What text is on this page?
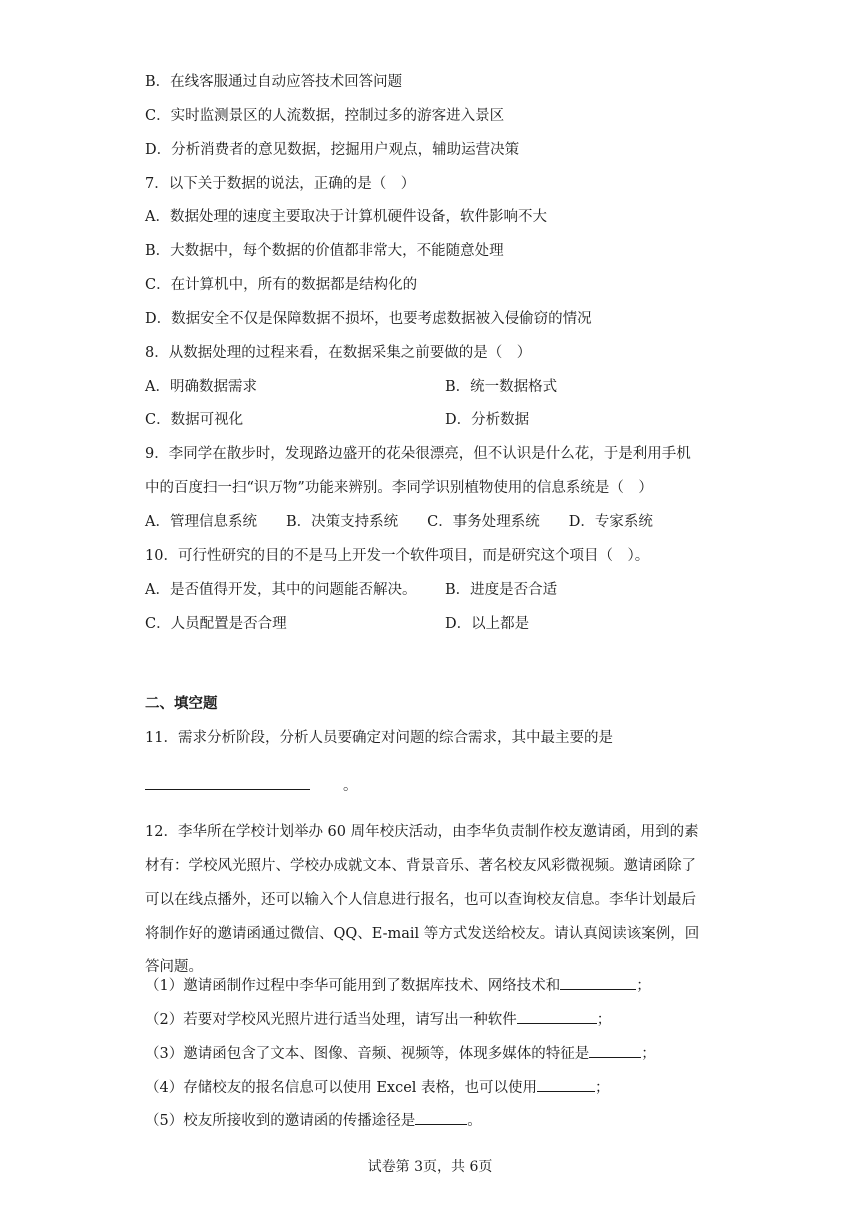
B．在线客服通过自动应答技术回答问题
C．实时监测景区的人流数据，控制过多的游客进入景区
D．分析消费者的意见数据，挖掘用户观点，辅助运营决策
7．以下关于数据的说法，正确的是（　）
A．数据处理的速度主要取决于计算机硬件设备，软件影响不大
B．大数据中，每个数据的价值都非常大，不能随意处理
C．在计算机中，所有的数据都是结构化的
D．数据安全不仅是保障数据不损坏，也要考虑数据被入侵偷窃的情况
8．从数据处理的过程来看，在数据采集之前要做的是（　）
A．明确数据需求	B．统一数据格式
C．数据可视化	D．分析数据
9．李同学在散步时，发现路边盛开的花朵很漂亮，但不认识是什么花，于是利用手机
中的百度扫一扫“识万物”功能来辨别。李同学识别植物使用的信息系统是（　）
A．管理信息系统　　B．决策支持系统　　C．事务处理系统　　D．专家系统
10．可行性研究的目的不是马上开发一个软件项目，而是研究这个项目（　）。
A．是否值得开发，其中的问题能否解决。 B．进度是否合适
C．人员配置是否合理	D．以上都是
二、填空题
11．需求分析阶段，分析人员要确定对问题的综合需求，其中最主要的是
。
12．李华所在学校计划举办 60 周年校庆活动，由李华负责制作校友邀请函，用到的素
材有：学校风光照片、学校办成就文本、背景音乐、著名校友风彩微视频。邀请函除了
可以在线点播外，还可以输入个人信息进行报名，也可以查询校友信息。李华计划最后
将制作好的邀请函通过微信、QQ、E-mail 等方式发送给校友。请认真阅读该案例，回
答问题。
（1）邀请函制作过程中李华可能用到了数据库技术、网络技术和	；
（2）若要对学校风光照片进行适当处理，请写出一种软件	；
（3）邀请函包含了文本、图像、音频、视频等，体现多媒体的特征是	；
（4）存储校友的报名信息可以使用 Excel 表格，也可以使用	；
（5）校友所接收到的邀请函的传播途径是	。
试卷第 3页，共 6页
